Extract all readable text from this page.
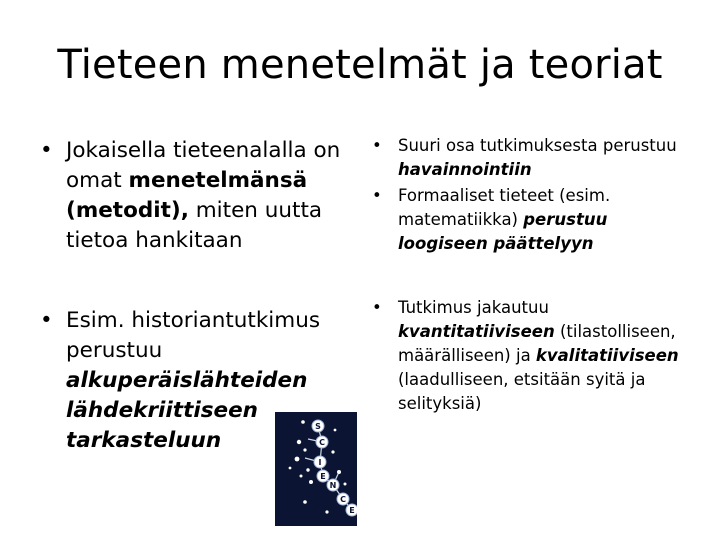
Tieteen menetelmät ja teoriat
• Jokaisella tieteenalalla on omat menetelmänsä (metodit), miten uutta tietoa hankitaan
• Esim. historiantutkimus perustuu alkuperäislähteiden lähdekriittiseen tarkasteluun
• Suuri osa tutkimuksesta perustuu havainnointiin
• Formaaliset tieteet (esim. matematiikka) perustuu loogiseen päättelyyn
• Tutkimus jakautuu kvantitatiiviseen (tilastolliseen, määrälliseen) ja kvalitatiiviseen (laadulliseen, etsitään syitä ja selityksiä)
S
C
I
E
N
C
E
